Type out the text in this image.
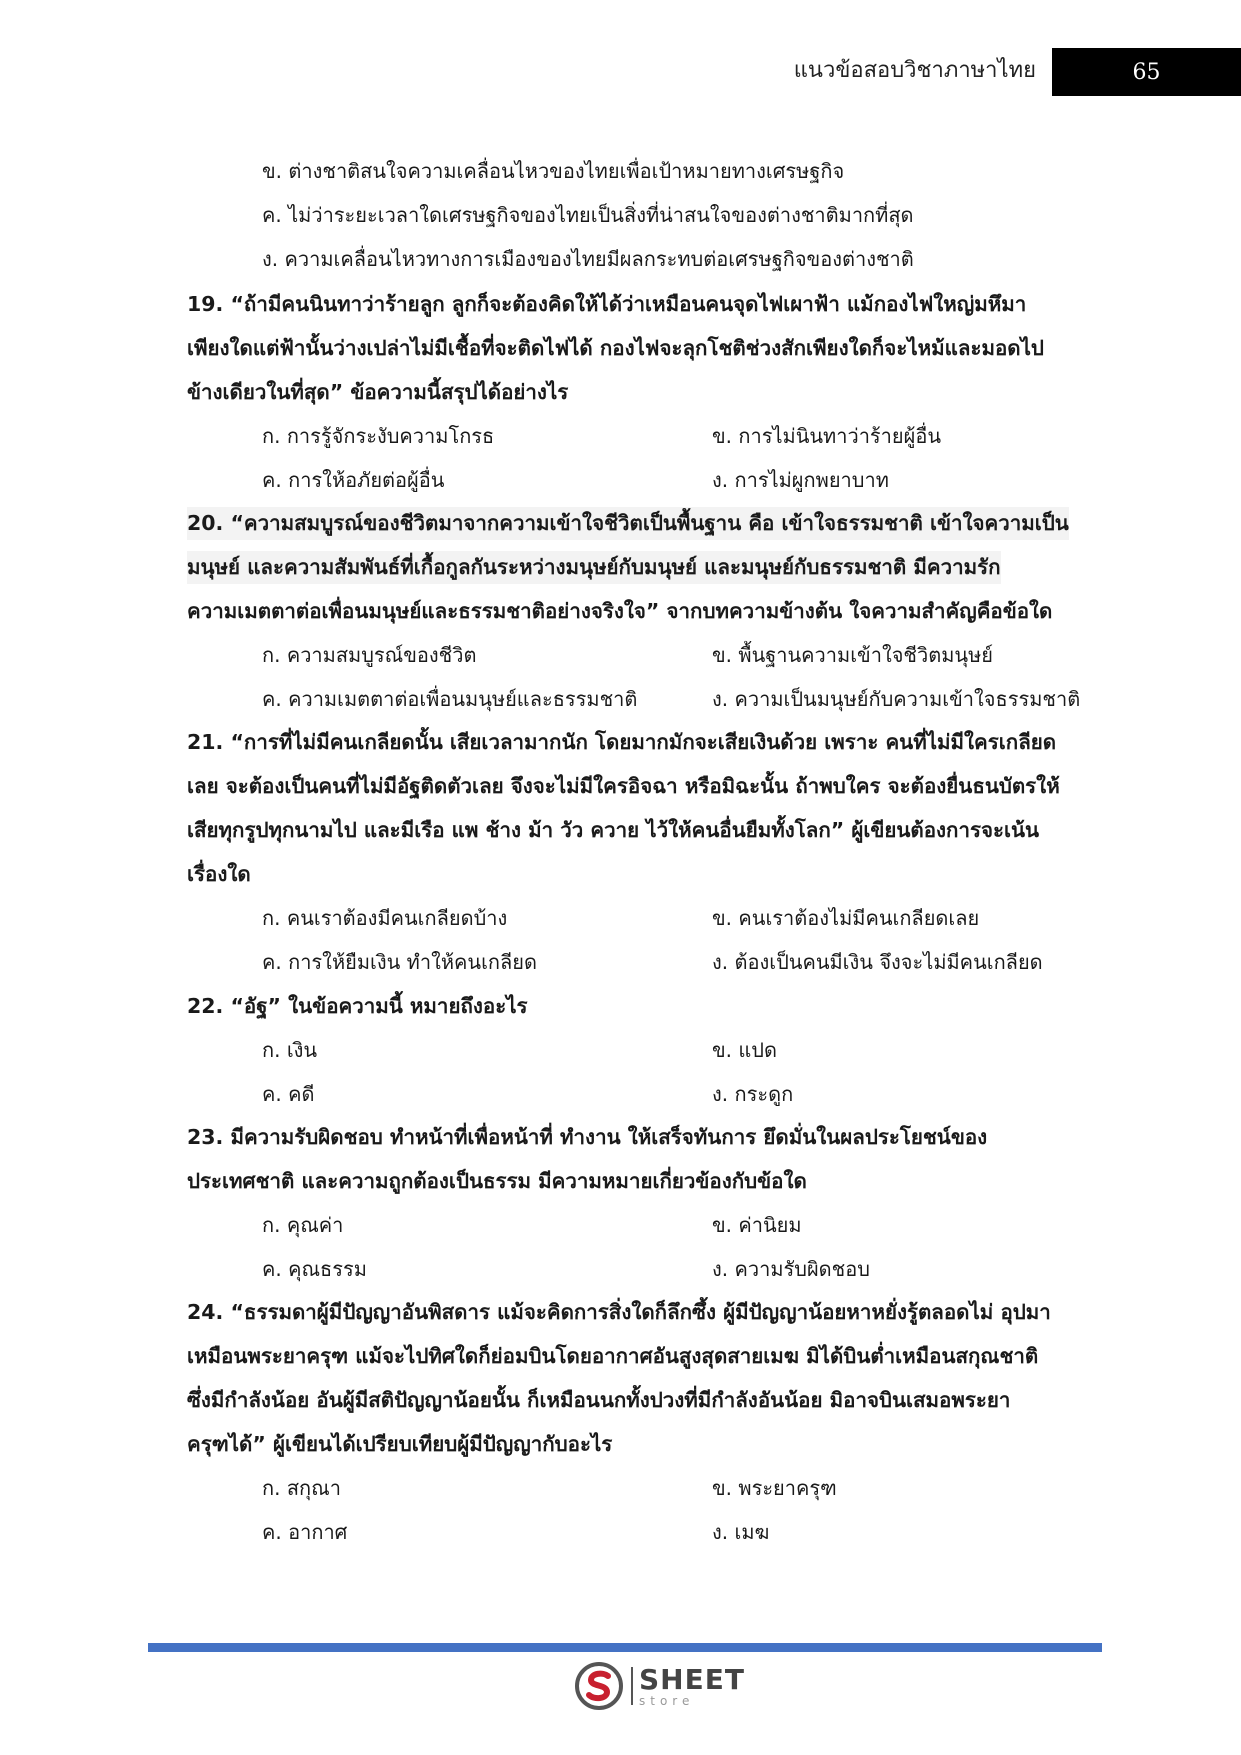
แนวข้อสอบวิชาภาษาไทย	65
ข. ต่างชาติสนใจความเคลื่อนไหวของไทยเพื่อเป้าหมายทางเศรษฐกิจ
ค. ไม่ว่าระยะเวลาใดเศรษฐกิจของไทยเป็นสิ่งที่น่าสนใจของต่างชาติมากที่สุด
ง. ความเคลื่อนไหวทางการเมืองของไทยมีผลกระทบต่อเศรษฐกิจของต่างชาติ
19. “ถ้ามีคนนินทาว่าร้ายลูก ลูกก็จะต้องคิดให้ได้ว่าเหมือนคนจุดไฟเผาฟ้า แม้กองไฟใหญ่มหึมา
เพียงใดแต่ฟ้านั้นว่างเปล่าไม่มีเชื้อที่จะติดไฟได้ กองไฟจะลุกโชติช่วงสักเพียงใดก็จะไหม้และมอดไป
ข้างเดียวในที่สุด” ข้อความนี้สรุปได้อย่างไร
ก. การรู้จักระงับความโกรธ	ข. การไม่นินทาว่าร้ายผู้อื่น
ค. การให้อภัยต่อผู้อื่น	ง. การไม่ผูกพยาบาท
20. “ความสมบูรณ์ของชีวิตมาจากความเข้าใจชีวิตเป็นพื้นฐาน คือ เข้าใจธรรมชาติ เข้าใจความเป็น
มนุษย์ และความสัมพันธ์ที่เกื้อกูลกันระหว่างมนุษย์กับมนุษย์ และมนุษย์กับธรรมชาติ มีความรัก
ความเมตตาต่อเพื่อนมนุษย์และธรรมชาติอย่างจริงใจ” จากบทความข้างต้น ใจความสำคัญคือข้อใด
ก. ความสมบูรณ์ของชีวิต	ข. พื้นฐานความเข้าใจชีวิตมนุษย์
ค. ความเมตตาต่อเพื่อนมนุษย์และธรรมชาติ	ง. ความเป็นมนุษย์กับความเข้าใจธรรมชาติ
21. “การที่ไม่มีคนเกลียดนั้น เสียเวลามากนัก โดยมากมักจะเสียเงินด้วย เพราะ คนที่ไม่มีใครเกลียด
เลย จะต้องเป็นคนที่ไม่มีอัฐติดตัวเลย จึงจะไม่มีใครอิจฉา หรือมิฉะนั้น ถ้าพบใคร จะต้องยื่นธนบัตรให้
เสียทุกรูปทุกนามไป และมีเรือ แพ ช้าง ม้า วัว ควาย ไว้ให้คนอื่นยืมทั้งโลก” ผู้เขียนต้องการจะเน้น
เรื่องใด
ก. คนเราต้องมีคนเกลียดบ้าง	ข. คนเราต้องไม่มีคนเกลียดเลย
ค. การให้ยืมเงิน ทำให้คนเกลียด	ง. ต้องเป็นคนมีเงิน จึงจะไม่มีคนเกลียด
22. “อัฐ” ในข้อความนี้ หมายถึงอะไร
ก. เงิน	ข. แปด
ค. คดี	ง. กระดูก
23. มีความรับผิดชอบ ทำหน้าที่เพื่อหน้าที่ ทำงาน ให้เสร็จทันการ ยึดมั่นในผลประโยชน์ของ
ประเทศชาติ และความถูกต้องเป็นธรรม มีความหมายเกี่ยวข้องกับข้อใด
ก. คุณค่า	ข. ค่านิยม
ค. คุณธรรม	ง. ความรับผิดชอบ
24. “ธรรมดาผู้มีปัญญาอันพิสดาร แม้จะคิดการสิ่งใดก็ลึกซึ้ง ผู้มีปัญญาน้อยหาหยั่งรู้ตลอดไม่ อุปมา
เหมือนพระยาครุฑ แม้จะไปทิศใดก็ย่อมบินโดยอากาศอันสูงสุดสายเมฆ มิได้บินต่ำเหมือนสกุณชาติ
ซึ่งมีกำลังน้อย อันผู้มีสติปัญญาน้อยนั้น ก็เหมือนนกทั้งปวงที่มีกำลังอันน้อย มิอาจบินเสมอพระยา
ครุฑได้” ผู้เขียนได้เปรียบเทียบผู้มีปัญญากับอะไร
ก. สกุณา	ข. พระยาครุฑ
ค. อากาศ	ง. เมฆ
SHEET
store
